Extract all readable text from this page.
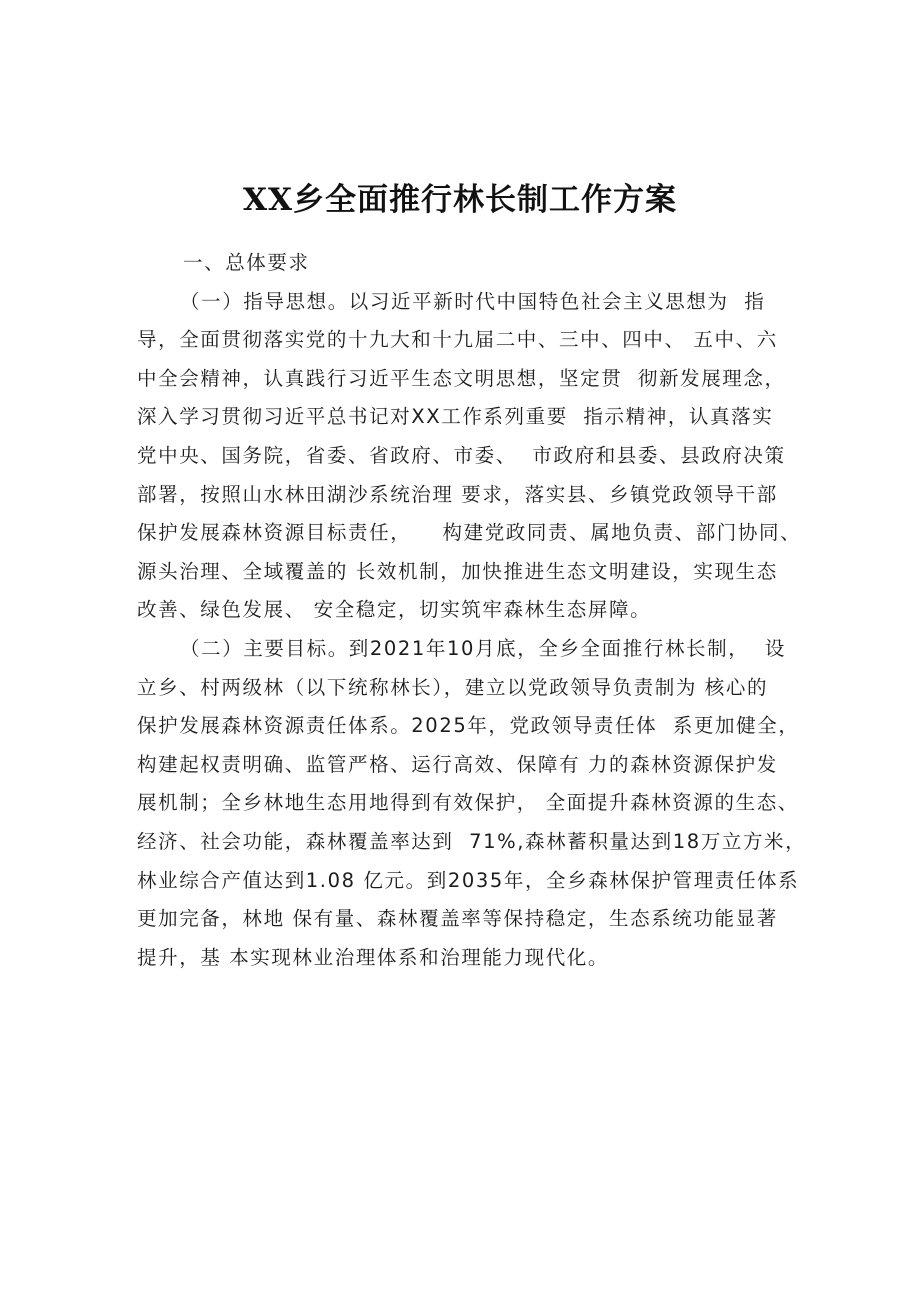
XX乡全面推行林长制工作方案
一、总体要求
（一）指导思想。以习近平新时代中国特色社会主义思想为  指
导，全面贯彻落实党的十九大和十九届二中、三中、四中、 五中、六
中全会精神，认真践行习近平生态文明思想，坚定贯  彻新发展理念，
深入学习贯彻习近平总书记对XX工作系列重要  指示精神，认真落实
党中央、国务院，省委、省政府、市委、  市政府和县委、县政府决策
部署，按照山水林田湖沙系统治理 要求，落实县、乡镇党政领导干部
保护发展森林资源目标责任，    构建党政同责、属地负责、部门协同、
源头治理、全域覆盖的 长效机制，加快推进生态文明建设，实现生态
改善、绿色发展、 安全稳定，切实筑牢森林生态屏障。
（二）主要目标。到2021年10月底，全乡全面推行林长制，  设
立乡、村两级林（以下统称林长），建立以党政领导负责制为 核心的
保护发展森林资源责任体系。2025年，党政领导责任体  系更加健全，
构建起权责明确、监管严格、运行高效、保障有 力的森林资源保护发
展机制；全乡林地生态用地得到有效保护， 全面提升森林资源的生态、
经济、社会功能，森林覆盖率达到  71%,森林蓄积量达到18万立方米，
林业综合产值达到1.08 亿元。到2035年，全乡森林保护管理责任体系
更加完备，林地 保有量、森林覆盖率等保持稳定，生态系统功能显著
提升，基 本实现林业治理体系和治理能力现代化。
